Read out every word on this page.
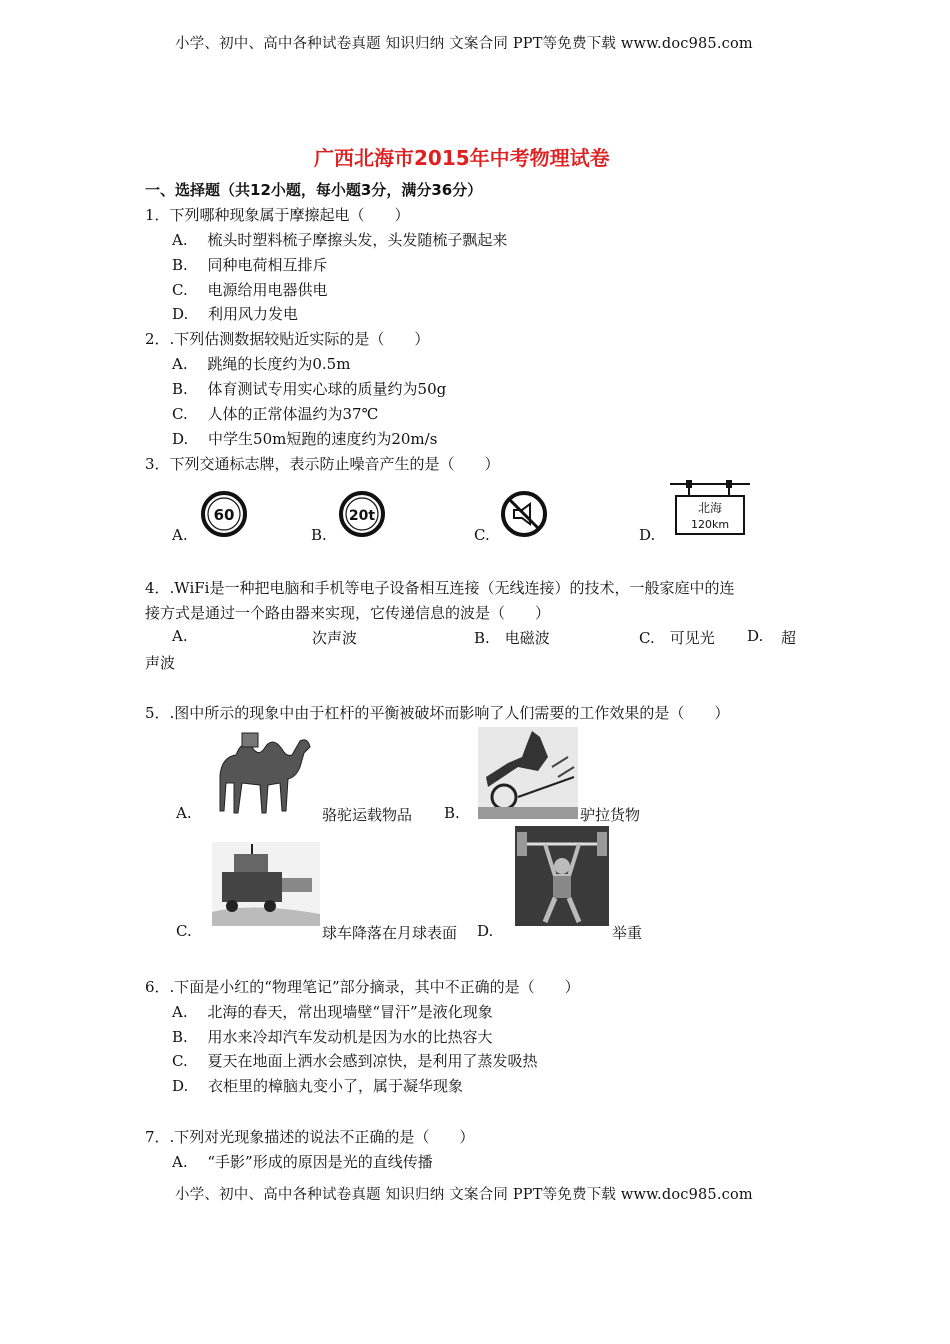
小学、初中、高中各种试卷真题 知识归纳 文案合同 PPT等免费下载 www.doc985.com
广西北海市2015年中考物理试卷
一、选择题（共12小题，每小题3分，满分36分）
1．下列哪种现象属于摩擦起电（　　）
A.　 梳头时塑料梳子摩擦头发，头发随梳子飘起来
B.　 同种电荷相互排斥
C.　 电源给用电器供电
D.　 利用风力发电
2．.下列估测数据较贴近实际的是（　　）
A.　 跳绳的长度约为0.5m
B.　 体育测试专用实心球的质量约为50g
C.　 人体的正常体温约为37℃
D.　 中学生50m短跑的速度约为20m/s
3．下列交通标志牌，表示防止噪音产生的是（　　）
A.
60
B.
20t
C.	D.
北海
120km
4．.WiFi是一种把电脑和手机等电子设备相互连接（无线连接）的技术，一般家庭中的连
接方式是通过一个路由器来实现，它传递信息的波是（　　）
A.	次声波	B.　电磁波	C.　可见光 D. 超
声波
5．.图中所示的现象中由于杠杆的平衡被破坏而影响了人们需要的工作效果的是（　　）
A.	骆驼运载物品 B.	驴拉货物
C.	球车降落在月球表面 D.	举重
6．.下面是小红的“物理笔记”部分摘录，其中不正确的是（　　）
A.　 北海的春天，常出现墙壁“冒汗”是液化现象
B.　 用水来冷却汽车发动机是因为水的比热容大
C.　 夏天在地面上洒水会感到凉快，是利用了蒸发吸热
D.　 衣柜里的樟脑丸变小了，属于凝华现象
7．.下列对光现象描述的说法不正确的是（　　）
A.　 “手影”形成的原因是光的直线传播
小学、初中、高中各种试卷真题 知识归纳 文案合同 PPT等免费下载 www.doc985.com
